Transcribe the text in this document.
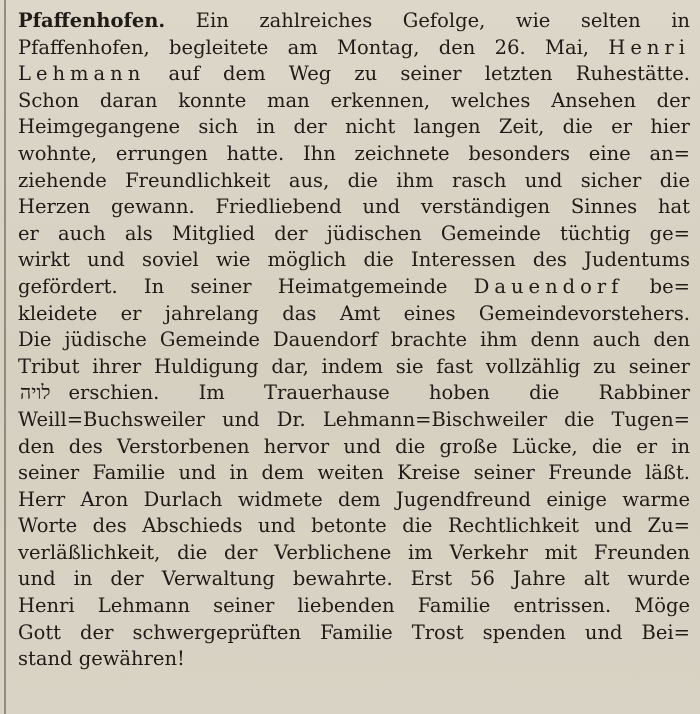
Pfaffenhofen. Ein zahlreiches Gefolge, wie selten in
Pfaffenhofen, begleitete am Montag, den 26. Mai, Henri
Lehmann auf dem Weg zu seiner letzten Ruhestätte.
Schon daran konnte man erkennen, welches Ansehen der
Heimgegangene sich in der nicht langen Zeit, die er hier
wohnte, errungen hatte. Ihn zeichnete besonders eine an=
ziehende Freundlichkeit aus, die ihm rasch und sicher die
Herzen gewann. Friedliebend und verständigen Sinnes hat
er auch als Mitglied der jüdischen Gemeinde tüchtig ge=
wirkt und soviel wie möglich die Interessen des Judentums
gefördert. In seiner Heimatgemeinde Dauendorf be=
kleidete er jahrelang das Amt eines Gemeindevorstehers.
Die jüdische Gemeinde Dauendorf brachte ihm denn auch den
Tribut ihrer Huldigung dar, indem sie fast vollzählig zu seiner
לויה erschien. Im Trauerhause hoben die Rabbiner
Weill=Buchsweiler und Dr. Lehmann=Bischweiler die Tugen=
den des Verstorbenen hervor und die große Lücke, die er in
seiner Familie und in dem weiten Kreise seiner Freunde läßt.
Herr Aron Durlach widmete dem Jugendfreund einige warme
Worte des Abschieds und betonte die Rechtlichkeit und Zu=
verläßlichkeit, die der Verblichene im Verkehr mit Freunden
und in der Verwaltung bewahrte. Erst 56 Jahre alt wurde
Henri Lehmann seiner liebenden Familie entrissen. Möge
Gott der schwergeprüften Familie Trost spenden und Bei=
stand gewähren!
